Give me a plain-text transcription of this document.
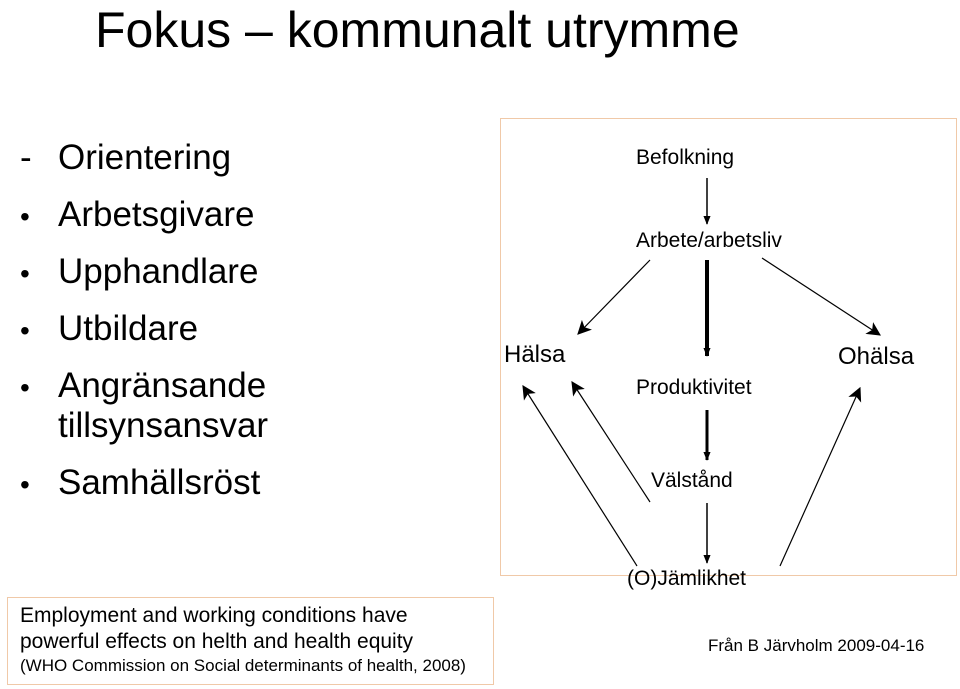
Fokus – kommunalt utrymme
- Orientering
• Arbetsgivare
• Upphandlare
• Utbildare
• Angränsande tillsynsansvar
• Samhällsröst
Befolkning
Arbete/arbetsliv
Hälsa	Ohälsa
Produktivitet
Välstånd
(O)Jämlikhet
Employment and working conditions have
powerful effects on helth and health equity
(WHO Commission on Social determinants of health, 2008)
Från B Järvholm 2009-04-16
